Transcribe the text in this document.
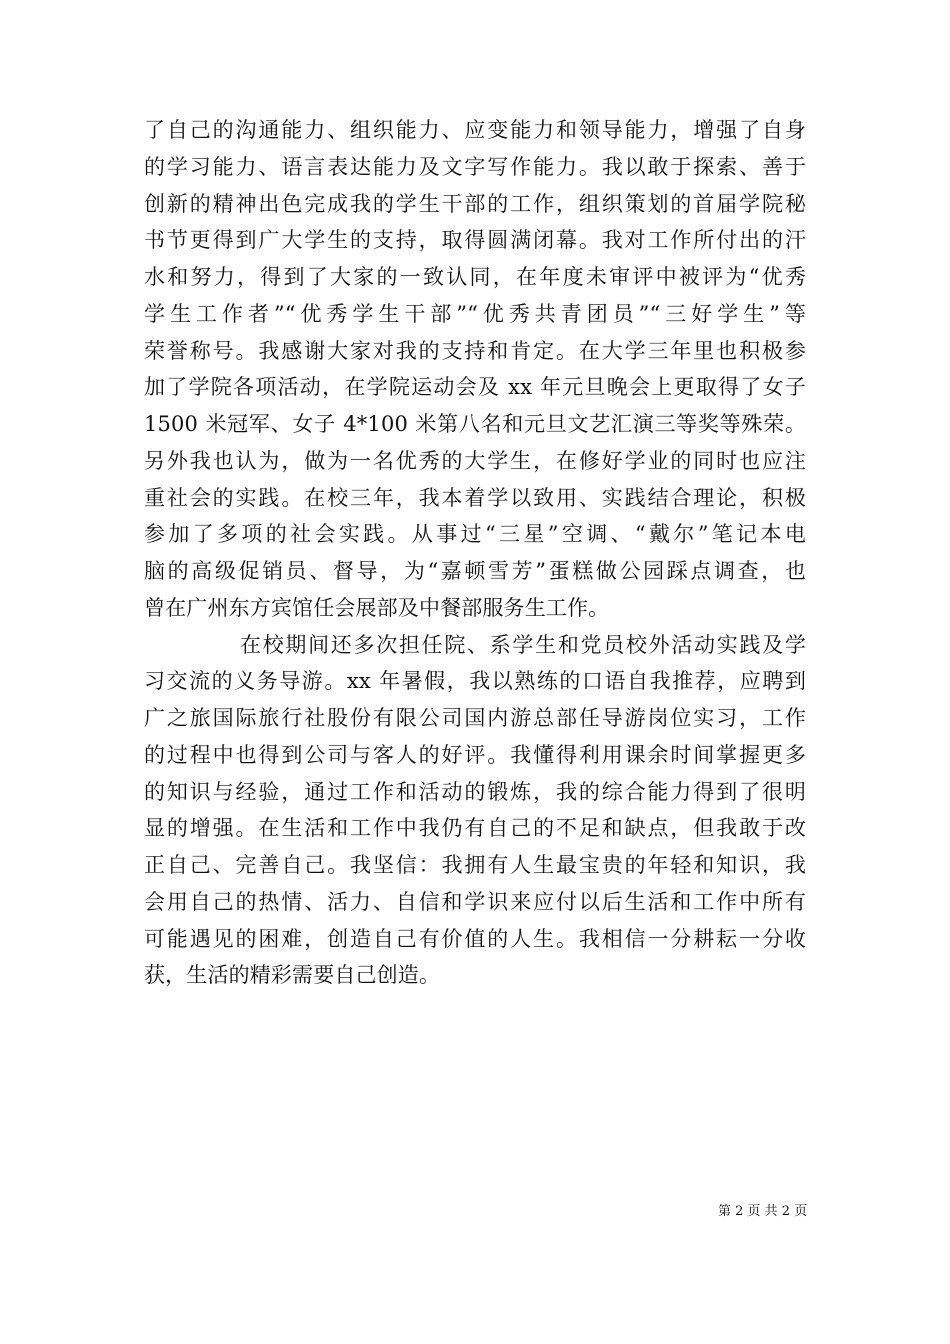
了自己的沟通能力、组织能力、应变能力和领导能力，增强了自身
的学习能力、语言表达能力及文字写作能力。我以敢于探索、善于
创新的精神出色完成我的学生干部的工作，组织策划的首届学院秘
书节更得到广大学生的支持，取得圆满闭幕。我对工作所付出的汗
水和努力，得到了大家的一致认同，在年度未审评中被评为“优秀
学生工作者”“优秀学生干部”“优秀共青团员”“三好学生”等
荣誉称号。我感谢大家对我的支持和肯定。在大学三年里也积极参
加了学院各项活动，在学院运动会及 xx 年元旦晚会上更取得了女子
1500 米冠军、女子 4*100 米第八名和元旦文艺汇演三等奖等殊荣。
另外我也认为，做为一名优秀的大学生，在修好学业的同时也应注
重社会的实践。在校三年，我本着学以致用、实践结合理论，积极
参加了多项的社会实践。从事过“三星”空调、“戴尔”笔记本电
脑的高级促销员、督导，为“嘉顿雪芳”蛋糕做公园踩点调查，也
曾在广州东方宾馆任会展部及中餐部服务生工作。
在校期间还多次担任院、系学生和党员校外活动实践及学
习交流的义务导游。xx 年暑假，我以熟练的口语自我推荐，应聘到
广之旅国际旅行社股份有限公司国内游总部任导游岗位实习，工作
的过程中也得到公司与客人的好评。我懂得利用课余时间掌握更多
的知识与经验，通过工作和活动的锻炼，我的综合能力得到了很明
显的增强。在生活和工作中我仍有自己的不足和缺点，但我敢于改
正自己、完善自己。我坚信：我拥有人生最宝贵的年轻和知识，我
会用自己的热情、活力、自信和学识来应付以后生活和工作中所有
可能遇见的困难，创造自己有价值的人生。我相信一分耕耘一分收
获，生活的精彩需要自己创造。
第 2 页 共 2 页
